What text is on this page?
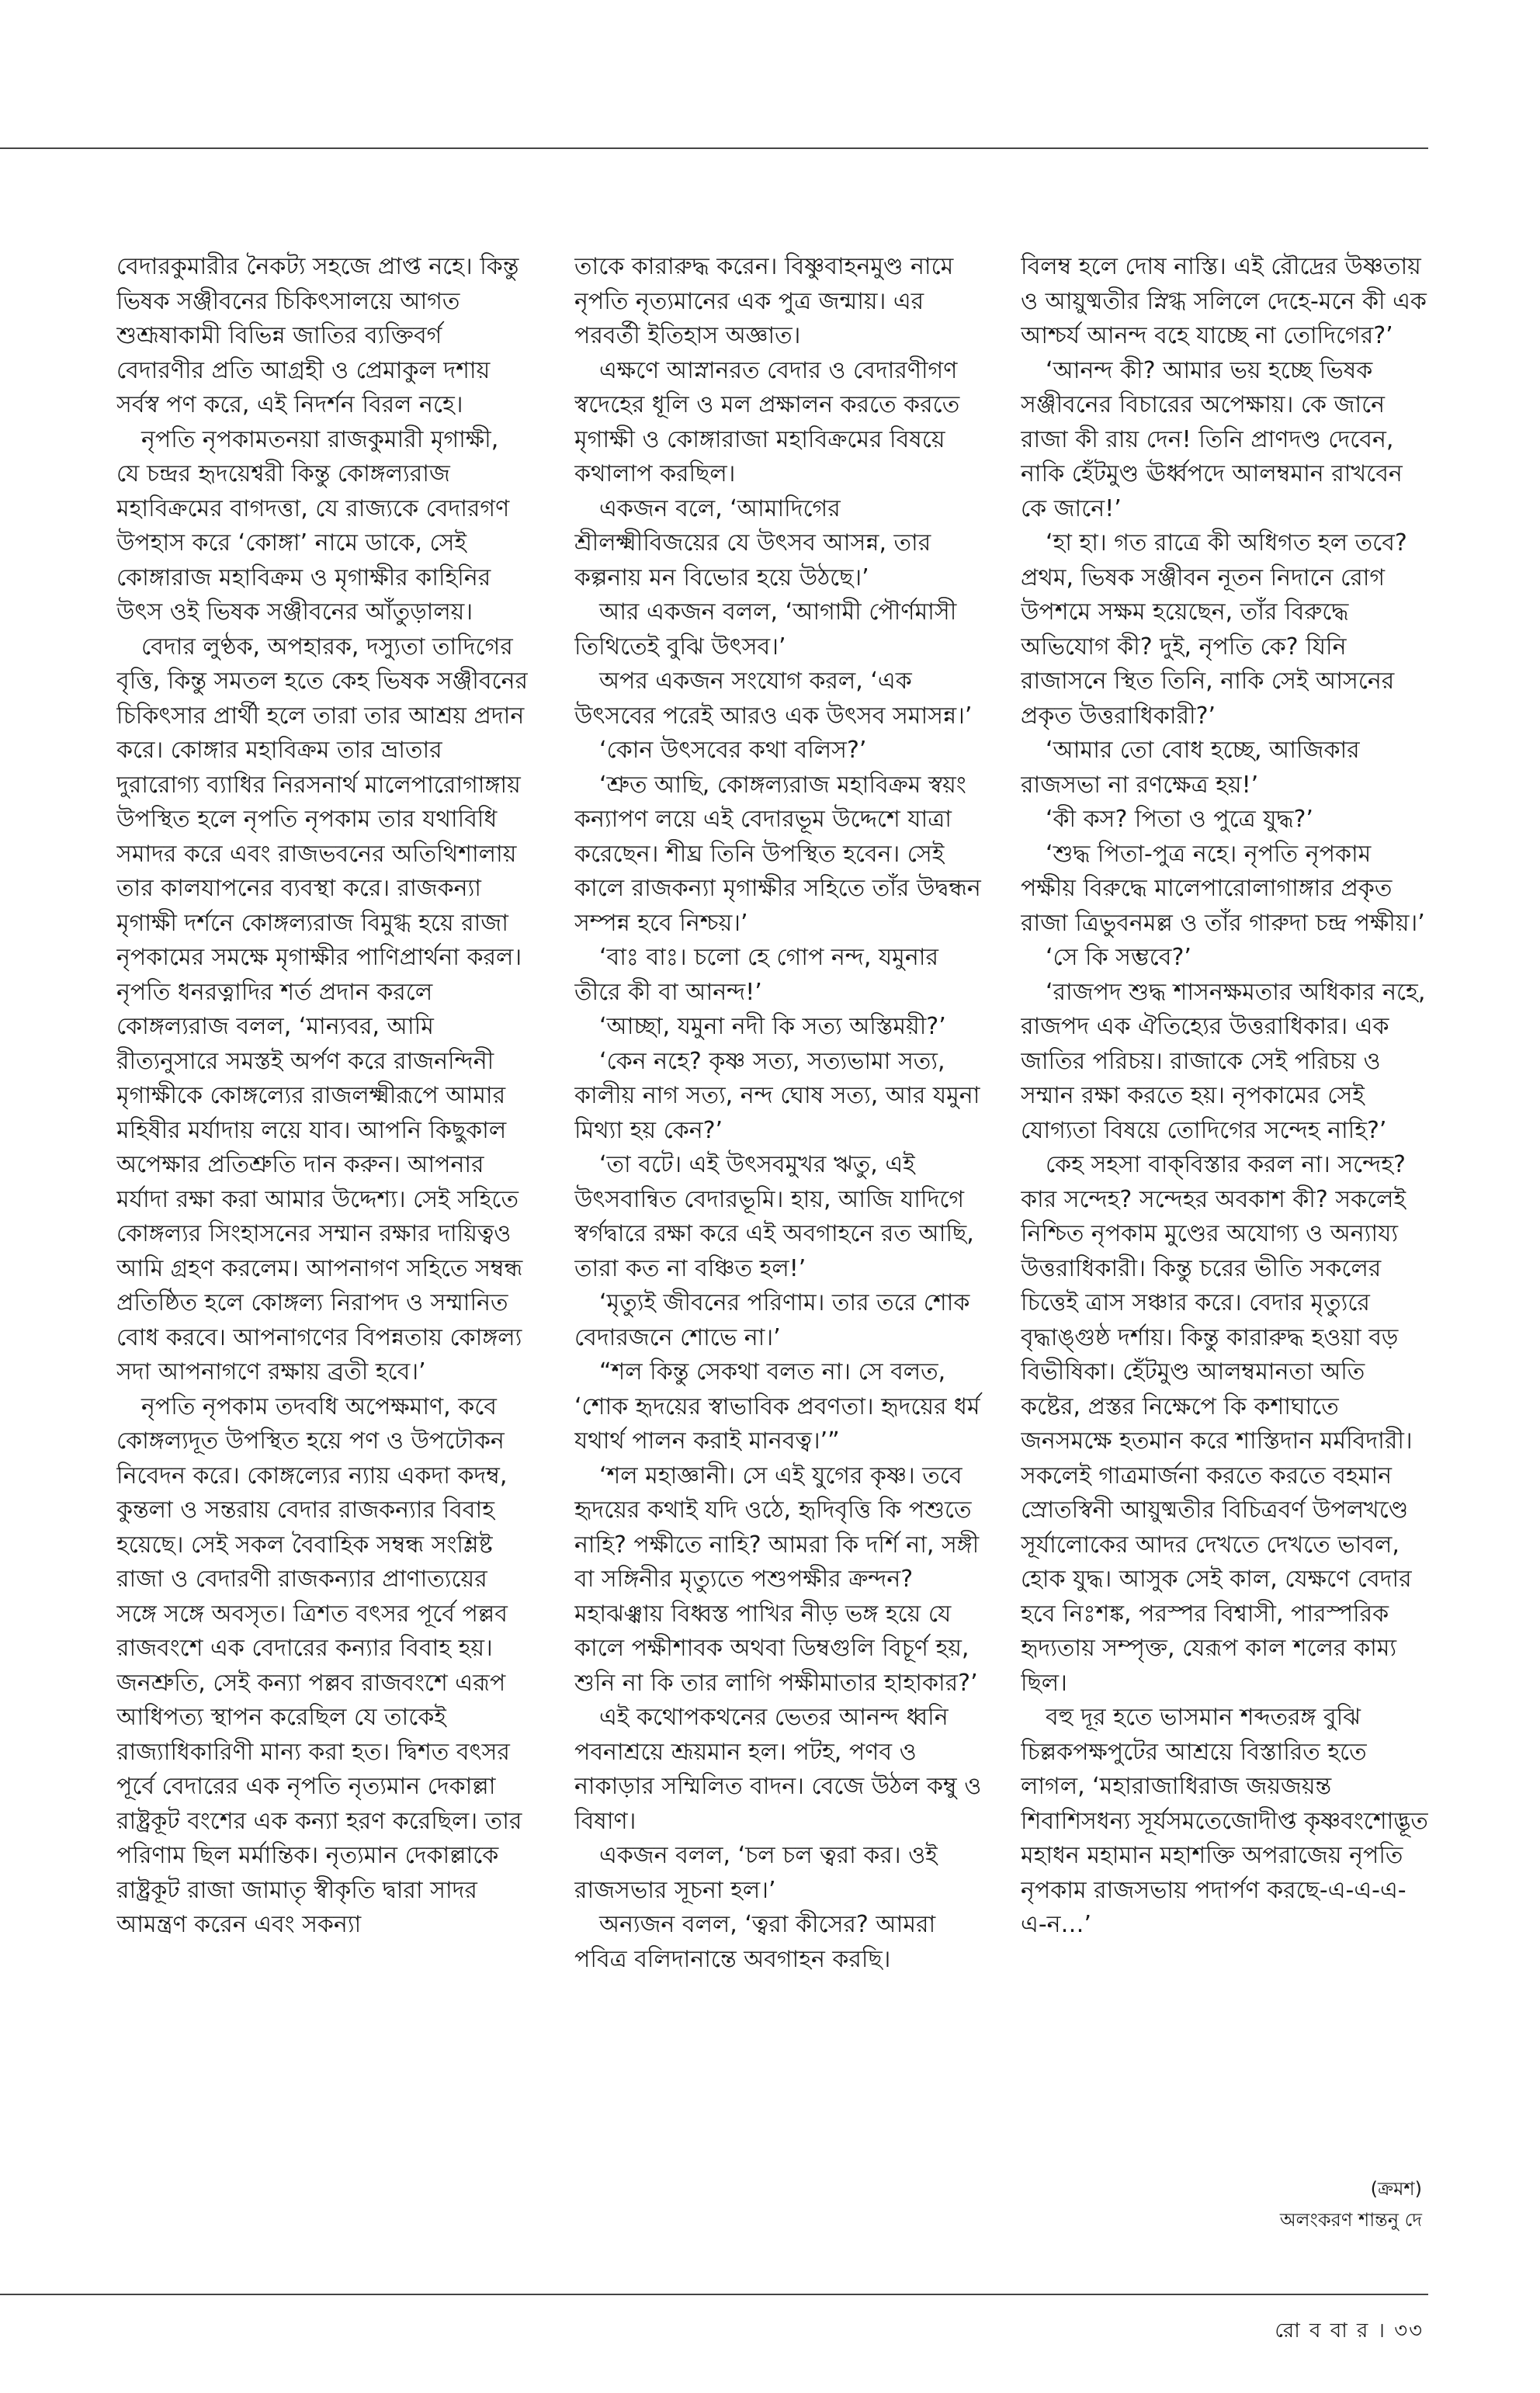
বেদারকুমারীর নৈকট্য সহজে প্রাপ্ত নহে। কিন্তু ভিষক সঞ্জীবনের চিকিৎসালয়ে আগত শুশ্রূষাকামী বিভিন্ন জাতির ব্যক্তিবর্গ বেদারণীর প্রতি আগ্রহী ও প্রেমাকুল দশায় সর্বস্ব পণ করে, এই নিদর্শন বিরল নহে।

নৃপতি নৃপকামতনয়া রাজকুমারী মৃগাক্ষী, যে চন্দ্রর হৃদয়েশ্বরী কিন্তু কোঙ্গল্যরাজ মহাবিক্রমের বাগদত্তা, যে রাজ্যকে বেদারগণ উপহাস করে ‘কোঙ্গা’ নামে ডাকে, সেই কোঙ্গারাজ মহাবিক্রম ও মৃগাক্ষীর কাহিনির উৎস ওই ভিষক সঞ্জীবনের আঁতুড়ালয়।

বেদার লুণ্ঠক, অপহারক, দস্যুতা তাদিগের বৃত্তি, কিন্তু সমতল হতে কেহ ভিষক সঞ্জীবনের চিকিৎসার প্রার্থী হলে তারা তার আশ্রয় প্রদান করে। কোঙ্গার মহাবিক্রম তার ভ্রাতার দুরারোগ্য ব্যাধির নিরসনার্থ মালেপারোগাঙ্গায় উপস্থিত হলে নৃপতি নৃপকাম তার যথাবিধি সমাদর করে এবং রাজভবনের অতিথিশালায় তার কালযাপনের ব্যবস্থা করে। রাজকন্যা মৃগাক্ষী দর্শনে কোঙ্গল্যরাজ বিমুগ্ধ হয়ে রাজা নৃপকামের সমক্ষে মৃগাক্ষীর পাণিপ্রার্থনা করল। নৃপতি ধনরত্নাদির শর্ত প্রদান করলে কোঙ্গল্যরাজ বলল, ‘মান্যবর, আমি রীত্যনুসারে সমস্তই অর্পণ করে রাজনন্দিনী মৃগাক্ষীকে কোঙ্গল্যের রাজলক্ষ্মীরূপে আমার মহিষীর মর্যাদায় লয়ে যাব। আপনি কিছুকাল অপেক্ষার প্রতিশ্রুতি দান করুন। আপনার মর্যাদা রক্ষা করা আমার উদ্দেশ্য। সেই সহিতে কোঙ্গল্যর সিংহাসনের সম্মান রক্ষার দায়িত্বও আমি গ্রহণ করলেম। আপনাগণ সহিতে সম্বন্ধ প্রতিষ্ঠিত হলে কোঙ্গল্য নিরাপদ ও সম্মানিত বোধ করবে। আপনাগণের বিপন্নতায় কোঙ্গল্য সদা আপনাগণে রক্ষায় ব্রতী হবে।’

নৃপতি নৃপকাম তদবধি অপেক্ষমাণ, কবে কোঙ্গল্যদূত উপস্থিত হয়ে পণ ও উপঢৌকন নিবেদন করে। কোঙ্গল্যের ন্যায় একদা কদম্ব, কুন্তলা ও সন্তরায় বেদার রাজকন্যার বিবাহ হয়েছে। সেই সকল বৈবাহিক সম্বন্ধ সংশ্লিষ্ট রাজা ও বেদারণী রাজকন্যার প্রাণাত্যয়ের সঙ্গে সঙ্গে অবসৃত। ত্রিশত বৎসর পূর্বে পল্লব রাজবংশে এক বেদারের কন্যার বিবাহ হয়। জনশ্রুতি, সেই কন্যা পল্লব রাজবংশে এরূপ আধিপত্য স্থাপন করেছিল যে তাকেই রাজ্যাধিকারিণী মান্য করা হত। দ্বিশত বৎসর পূর্বে বেদারের এক নৃপতি নৃত্যমান দেকাল্লা রাষ্ট্রকূট বংশের এক কন্যা হরণ করেছিল। তার পরিণাম ছিল মর্মান্তিক। নৃত্যমান দেকাল্লাকে রাষ্ট্রকূট রাজা জামাতৃ স্বীকৃতি দ্বারা সাদর আমন্ত্রণ করেন এবং সকন্যা

তাকে কারারুদ্ধ করেন। বিষ্ণুবাহনমুণ্ড নামে নৃপতি নৃত্যমানের এক পুত্র জন্মায়। এর পরবর্তী ইতিহাস অজ্ঞাত।

এক্ষণে আস্নানরত বেদার ও বেদারণীগণ স্বদেহের ধূলি ও মল প্রক্ষালন করতে করতে মৃগাক্ষী ও কোঙ্গারাজা মহাবিক্রমের বিষয়ে কথালাপ করছিল।

একজন বলে, ‘আমাদিগের শ্রীলক্ষ্মীবিজয়ের যে উৎসব আসন্ন, তার কল্পনায় মন বিভোর হয়ে উঠছে।’

আর একজন বলল, ‘আগামী পৌর্ণমাসী তিথিতেই বুঝি উৎসব।’

অপর একজন সংযোগ করল, ‘এক উৎসবের পরেই আরও এক উৎসব সমাসন্ন।’

‘কোন উৎসবের কথা বলিস?’

‘শ্রুত আছি, কোঙ্গল্যরাজ মহাবিক্রম স্বয়ং কন্যাপণ লয়ে এই বেদারভূম উদ্দেশে যাত্রা করেছেন। শীঘ্র তিনি উপস্থিত হবেন। সেই কালে রাজকন্যা মৃগাক্ষীর সহিতে তাঁর উদ্বন্ধন সম্পন্ন হবে নিশ্চয়।’

‘বাঃ বাঃ। চলো হে গোপ নন্দ, যমুনার তীরে কী বা আনন্দ!’

‘আচ্ছা, যমুনা নদী কি সত্য অস্তিময়ী?’

‘কেন নহে? কৃষ্ণ সত্য, সত্যভামা সত্য, কালীয় নাগ সত্য, নন্দ ঘোষ সত্য, আর যমুনা মিথ্যা হয় কেন?’

‘তা বটে। এই উৎসবমুখর ঋতু, এই উৎসবান্বিত বেদারভূমি। হায়, আজি যাদিগে স্বর্গদ্বারে রক্ষা করে এই অবগাহনে রত আছি, তারা কত না বঞ্চিত হল!’

‘মৃত্যুই জীবনের পরিণাম। তার তরে শোক বেদারজনে শোভে না।’

“শল কিন্তু সেকথা বলত না। সে বলত, ‘শোক হৃদয়ের স্বাভাবিক প্রবণতা। হৃদয়ের ধর্ম যথার্থ পালন করাই মানবত্ব।’”

‘শল মহাজ্ঞানী। সে এই যুগের কৃষ্ণ। তবে হৃদয়ের কথাই যদি ওঠে, হৃদিবৃত্তি কি পশুতে নাহি? পক্ষীতে নাহি? আমরা কি দর্শি না, সঙ্গী বা সঙ্গিনীর মৃত্যুতে পশুপক্ষীর ক্রন্দন? মহাঝঞ্ঝায় বিধ্বস্ত পাখির নীড় ভঙ্গ হয়ে যে কালে পক্ষীশাবক অথবা ডিম্বগুলি বিচূর্ণ হয়, শুনি না কি তার লাগি পক্ষীমাতার হাহাকার?’

এই কথোপকথনের ভেতর আনন্দ ধ্বনি পবনাশ্রয়ে শ্রূয়মান হল। পটহ, পণব ও নাকাড়ার সম্মিলিত বাদন। বেজে উঠল কম্বু ও বিষাণ।

একজন বলল, ‘চল চল ত্বরা কর। ওই রাজসভার সূচনা হল।’

অন্যজন বলল, ‘ত্বরা কীসের? আমরা পবিত্র বলিদানান্তে অবগাহন করছি।

বিলম্ব হলে দোষ নাস্তি। এই রৌদ্রের উষ্ণতায় ও আয়ুষ্মতীর স্নিগ্ধ সলিলে দেহে-মনে কী এক আশ্চর্য আনন্দ বহে যাচ্ছে না তোদিগের?’

‘আনন্দ কী? আমার ভয় হচ্ছে ভিষক সঞ্জীবনের বিচারের অপেক্ষায়। কে জানে রাজা কী রায় দেন! তিনি প্রাণদণ্ড দেবেন, নাকি হেঁটমুণ্ড ঊর্ধ্বপদে আলম্বমান রাখবেন কে জানে!’

‘হা হা। গত রাত্রে কী অধিগত হল তবে? প্রথম, ভিষক সঞ্জীবন নূতন নিদানে রোগ উপশমে সক্ষম হয়েছেন, তাঁর বিরুদ্ধে অভিযোগ কী? দুই, নৃপতি কে? যিনি রাজাসনে স্থিত তিনি, নাকি সেই আসনের প্রকৃত উত্তরাধিকারী?’

‘আমার তো বোধ হচ্ছে, আজিকার রাজসভা না রণক্ষেত্র হয়!’

‘কী কস? পিতা ও পুত্রে যুদ্ধ?’

‘শুদ্ধ পিতা-পুত্র নহে। নৃপতি নৃপকাম পক্ষীয় বিরুদ্ধে মালেপারোলাগাঙ্গার প্রকৃত রাজা ত্রিভুবনমল্ল ও তাঁর গারুদা চন্দ্র পক্ষীয়।’

‘সে কি সম্ভবে?’

‘রাজপদ শুদ্ধ শাসনক্ষমতার অধিকার নহে, রাজপদ এক ঐতিহ্যের উত্তরাধিকার। এক জাতির পরিচয়। রাজাকে সেই পরিচয় ও সম্মান রক্ষা করতে হয়। নৃপকামের সেই যোগ্যতা বিষয়ে তোদিগের সন্দেহ নাহি?’

কেহ সহসা বাক্‌বিস্তার করল না। সন্দেহ? কার সন্দেহ? সন্দেহর অবকাশ কী? সকলেই নিশ্চিত নৃপকাম মুণ্ডের অযোগ্য ও অন্যায্য উত্তরাধিকারী। কিন্তু চরের ভীতি সকলের চিত্তেই ত্রাস সঞ্চার করে। বেদার মৃত্যুরে বৃদ্ধাঙ্গুষ্ঠ দর্শায়। কিন্তু কারারুদ্ধ হওয়া বড় বিভীষিকা। হেঁটমুণ্ড আলম্বমানতা অতি কষ্টের, প্রস্তর নিক্ষেপে কি কশাঘাতে জনসমক্ষে হতমান করে শাস্তিদান মর্মবিদারী। সকলেই গাত্রমার্জনা করতে করতে বহমান স্রোতস্বিনী আয়ুষ্মতীর বিচিত্রবর্ণ উপলখণ্ডে সূর্যালোকের আদর দেখতে দেখতে ভাবল, হোক যুদ্ধ। আসুক সেই কাল, যেক্ষণে বেদার হবে নিঃশঙ্ক, পরস্পর বিশ্বাসী, পারস্পরিক হৃদ্যতায় সম্পৃক্ত, যেরূপ কাল শলের কাম্য ছিল।

বহু দূর হতে ভাসমান শব্দতরঙ্গ বুঝি চিল্লকপক্ষপুটের আশ্রয়ে বিস্তারিত হতে লাগল, ‘মহারাজাধিরাজ জয়জয়ন্ত শিবাশিসধন্য সূর্যসমতেজোদীপ্ত কৃষ্ণবংশোদ্ভূত মহাধন মহামান মহাশক্তি অপরাজেয় নৃপতি নৃপকাম রাজসভায় পদার্পণ করছে-এ-এ-এ-এ-ন…’

(ক্রমশ)
অলংকরণ শান্তনু দে
রো ব বা র । ৩৩
